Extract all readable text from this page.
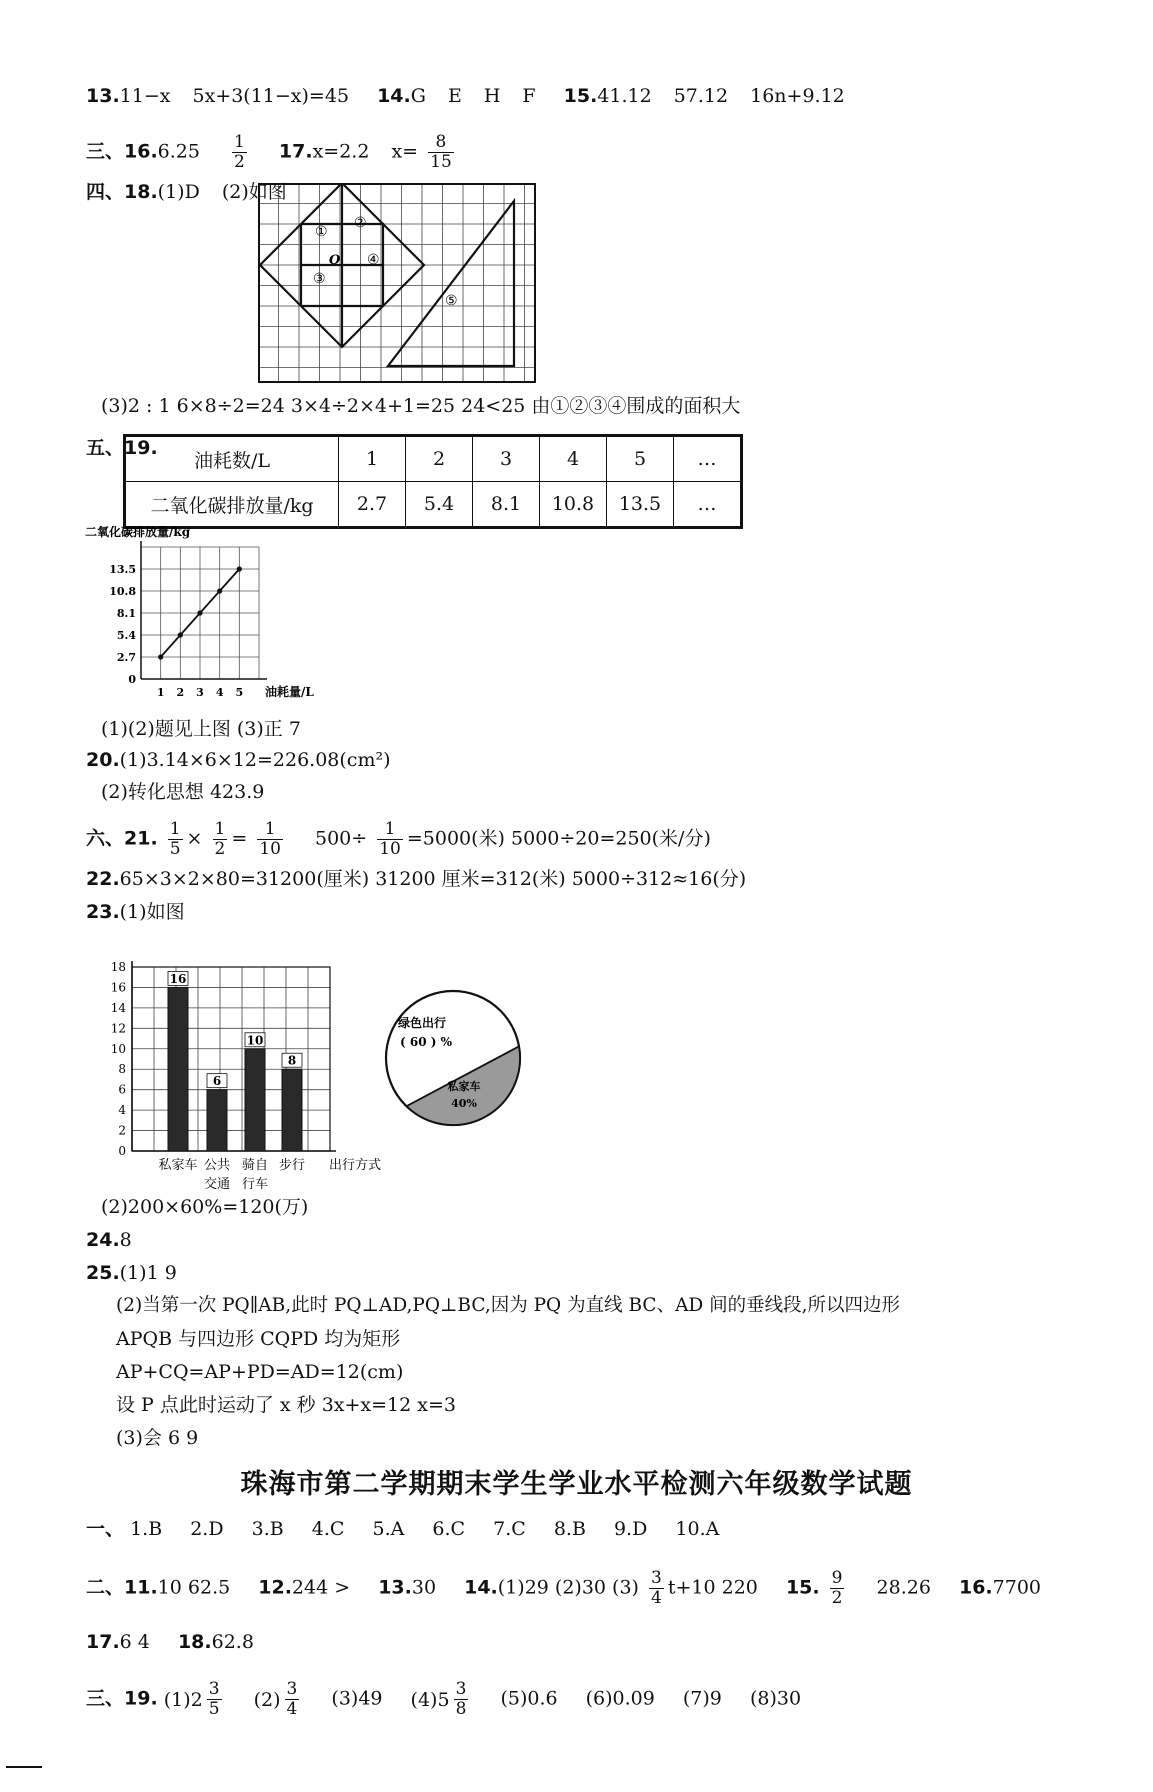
13.11−x 5x+3(11−x)=45 14.G E H F 15.41.12 57.12 16n+9.12
三、$16.6.25 \frac{1}{2} 17.x=2.2$ $x= \frac{8}{15}$
四、18.(1)D (2)如图
①
②
O ④
③
⑤
(3)2 : 1 6×8÷2=24 3×4÷2×4+1=25 24<25 由①②③④围成的面积大
五、19.
油耗数/L	1	2	3	4	5	…
二氧化碳排放量/kg	2.7	5.4	8.1	10.8	13.5	…
二氧化碳排放量/kg
油耗量/L
13.5
10.8
8.1
5.4
2.7
0
1 2 3 4 5
(1)(2)题见上图 (3)正 7
20.(1)3.14×6×12=226.08(cm²)
(2)转化思想 423.9
六、21. $\frac{1}{5} \times \frac{1}{2} = \frac{1}{10} 500\div \frac{1}{10} =5000$(米) 5000÷20=250(米/分)
22.65×3×2×80=31200(厘米) 31200 厘米=312(米) 5000÷312≈16(分)
23.(1)如图
18
16
14
12
10
8
6
4
2
0
16
私家车
6
公共
交通
10
骑自
行车
8
步行 出行方式
绿色出行
( 60 ) %
私家车
40%
(2)200×60%=120(万)
24.8
25.(1)1 9
(2)当第一次 PQ∥AB,此时 PQ⊥AD,PQ⊥BC,因为 PQ 为直线 BC、AD 间的垂线段,所以四边形
APQB 与四边形 CQPD 均为矩形
AP+CQ=AP+PD=AD=12(cm)
设 P 点此时运动了 x 秒 3x+x=12 x=3
(3)会 6 9
珠海市第二学期期末学生学业水平检测六年级数学试题
一、 1.B 2.D 3.B 4.C 5.A 6.C 7.C 8.B 9.D 10.A
二、11.10 62.5 12.244 > 13.30 14.(1)29 (2)30 $(3) \frac{3}{4} t+10$ 220 15. $\frac{9}{2} 28.26$ 16.7700
17.6 4 18.62.8
三、19. $(1)2 \frac{3}{5} (2) \frac{3}{4} (3)49$ $(4)5 \frac{3}{8} (5)0.6$ (6)0.09 (7)9 (8)30
